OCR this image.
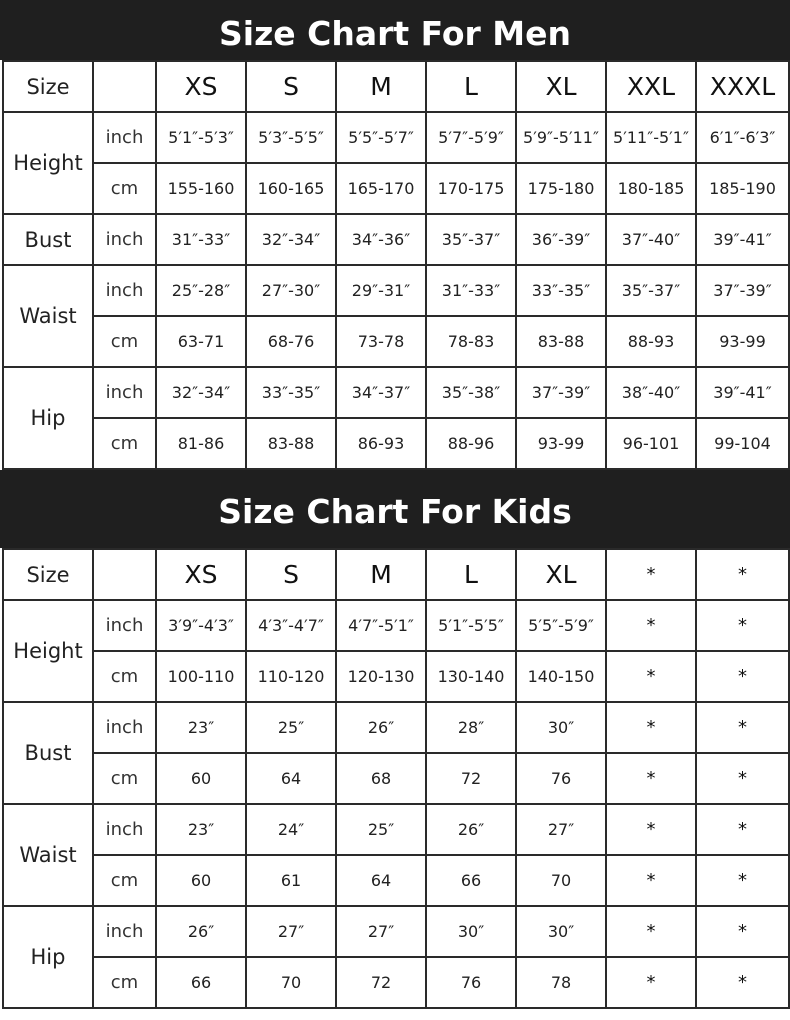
Size Chart For Men
Size		XS	S	M	L	XL	XXL	XXXL
Height	inch	5′1″-5′3″	5′3″-5′5″	5′5″-5′7″	5′7″-5′9″	5′9″-5′11″	5′11″-5′1″	6′1″-6′3″
	cm	155-160	160-165	165-170	170-175	175-180	180-185	185-190
Bust	inch	31″-33″	32″-34″	34″-36″	35″-37″	36″-39″	37″-40″	39″-41″
Waist	inch	25″-28″	27″-30″	29″-31″	31″-33″	33″-35″	35″-37″	37″-39″
	cm	63-71	68-76	73-78	78-83	83-88	88-93	93-99
Hip	inch	32″-34″	33″-35″	34″-37″	35″-38″	37″-39″	38″-40″	39″-41″
	cm	81-86	83-88	86-93	88-96	93-99	96-101	99-104
Size Chart For Kids
Size		XS	S	M	L	XL	*	*
Height	inch	3′9″-4′3″	4′3″-4′7″	4′7″-5′1″	5′1″-5′5″	5′5″-5′9″	*	*
	cm	100-110	110-120	120-130	130-140	140-150	*	*
Bust	inch	23″	25″	26″	28″	30″	*	*
	cm	60	64	68	72	76	*	*
Waist	inch	23″	24″	25″	26″	27″	*	*
	cm	60	61	64	66	70	*	*
Hip	inch	26″	27″	27″	30″	30″	*	*
	cm	66	70	72	76	78	*	*
